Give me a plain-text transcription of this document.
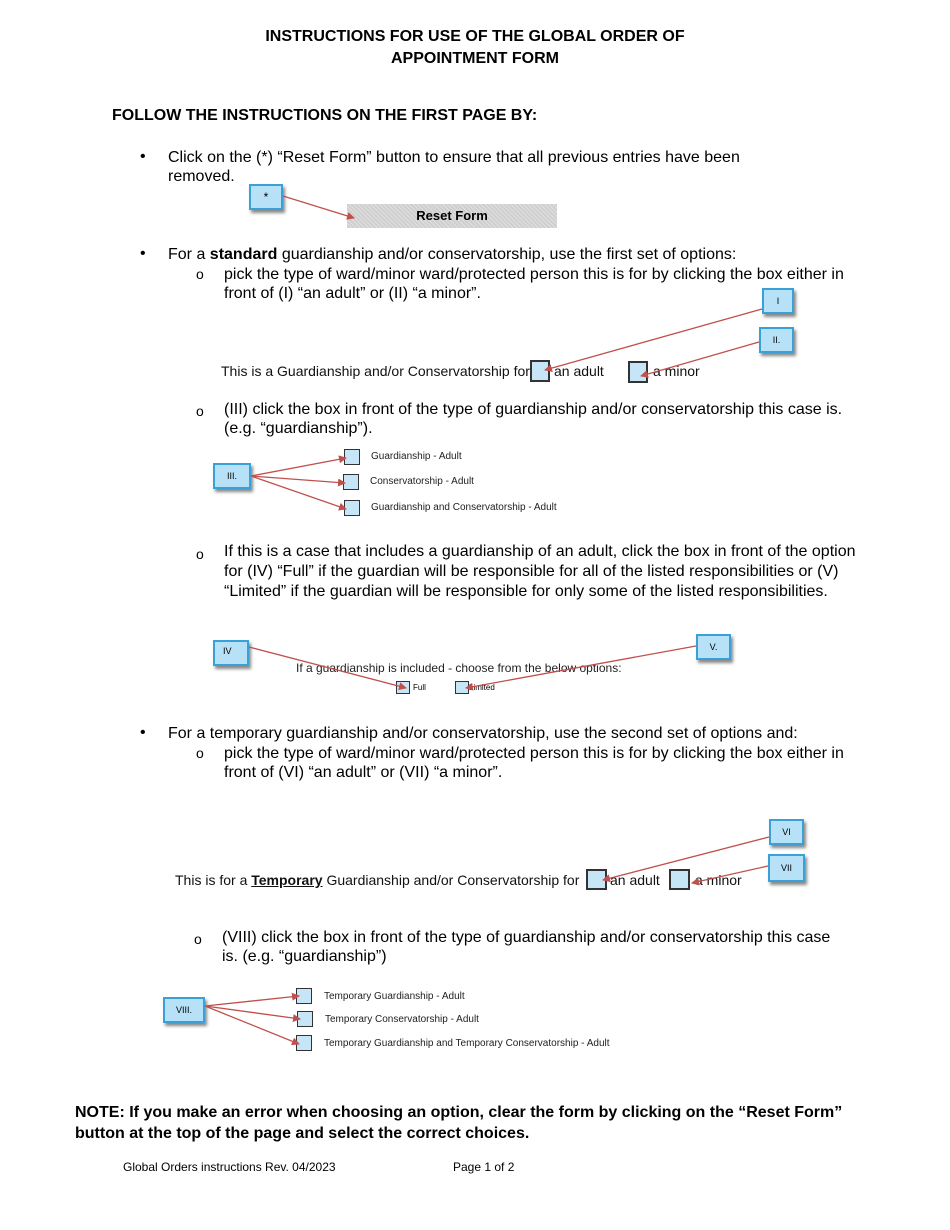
INSTRUCTIONS FOR USE OF THE GLOBAL ORDER OF
APPOINTMENT FORM
FOLLOW THE INSTRUCTIONS ON THE FIRST PAGE BY:
• Click on the (*) “Reset Form” button to ensure that all previous entries have been removed.
*
Reset Form
• For a standard guardianship and/or conservatorship, use the first set of options:
o pick the type of ward/minor ward/protected person this is for by clicking the box either in front of (I) “an adult” or (II) “a minor”.	I
II.
This is a Guardianship and/or Conservatorship for an adult	a minor
o (III) click the box in front of the type of guardianship and/or conservatorship this case is. (e.g. “guardianship”).
III.
Guardianship - Adult
Conservatorship - Adult
Guardianship and Conservatorship - Adult
o If this is a case that includes a guardianship of an adult, click the box in front of the option for (IV) “Full” if the guardian will be responsible for all of the listed responsibilities or (V) “Limited” if the guardian will be responsible for only some of the listed responsibilities.
IV	V.
If a guardianship is included - choose from the below options:
Full	Limited
• For a temporary guardianship and/or conservatorship, use the second set of options and:
o pick the type of ward/minor ward/protected person this is for by clicking the box either in front of (VI) “an adult” or (VII) “a minor”.
VI
VII
This is for a Temporary Guardianship and/or Conservatorship for an adult	a minor
o (VIII) click the box in front of the type of guardianship and/or conservatorship this case is. (e.g. “guardianship”)
VIII.
Temporary Guardianship - Adult
Temporary Conservatorship - Adult
Temporary Guardianship and Temporary Conservatorship - Adult
NOTE: If you make an error when choosing an option, clear the form by clicking on the “Reset Form” button at the top of the page and select the correct choices.
Global Orders instructions Rev. 04/2023	Page 1 of 2
